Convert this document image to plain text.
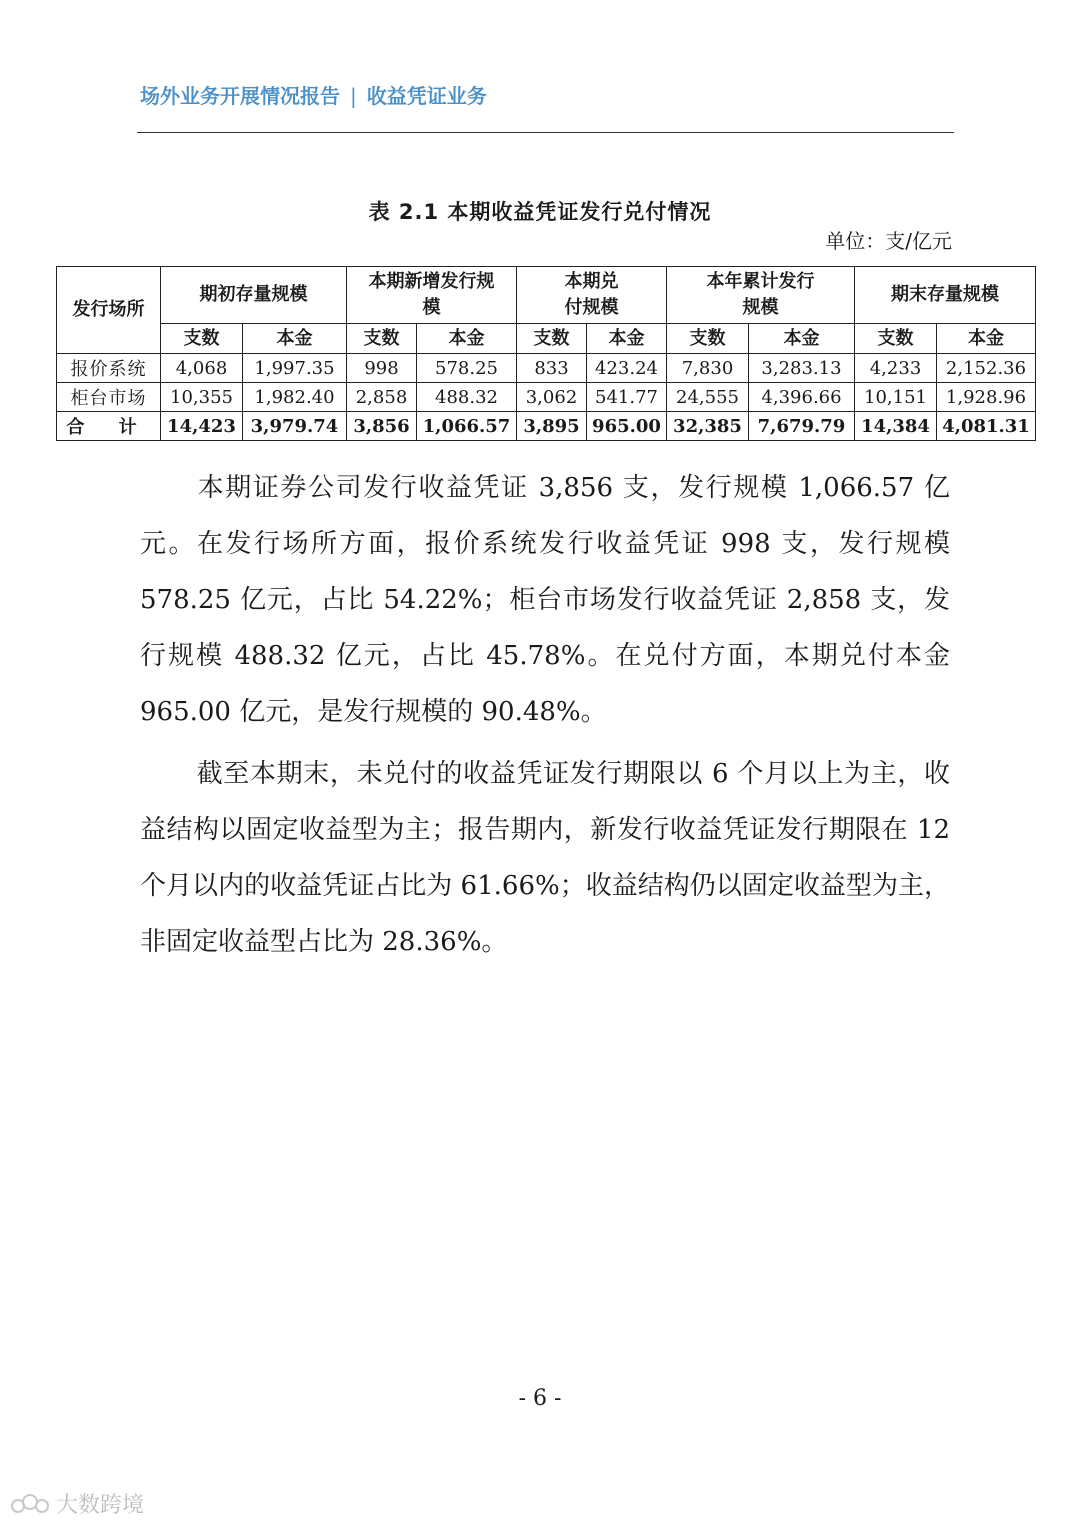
场外业务开展情况报告 | 收益凭证业务
表 2.1 本期收益凭证发行兑付情况
单位：支/亿元
发行场所	期初存量规模		本期新增发行规模		本期兑付规模		本年累计发行规模		期末存量规模	
	支数	本金	支数	本金	支数	本金	支数	本金	支数	本金
报价系统	4,068	1,997.35	998	578.25	833	423.24	7,830	3,283.13	4,233	2,152.36
柜台市场	10,355	1,982.40	2,858	488.32	3,062	541.77	24,555	4,396.66	10,151	1,928.96
合 计	14,423	3,979.74	3,856	1,066.57	3,895	965.00	32,385	7,679.79	14,384	4,081.31

本期证券公司发行收益凭证 3,856 支，发行规模 1,066.57 亿元。在发行场所方面，报价系统发行收益凭证 998 支，发行规模 578.25 亿元，占比 54.22%；柜台市场发行收益凭证 2,858 支，发行规模 488.32 亿元，占比 45.78%。在兑付方面，本期兑付本金 965.00 亿元，是发行规模的 90.48%。

截至本期末，未兑付的收益凭证发行期限以 6 个月以上为主，收益结构以固定收益型为主；报告期内，新发行收益凭证发行期限在 12 个月以内的收益凭证占比为 61.66%；收益结构仍以固定收益型为主，非固定收益型占比为 28.36%。

- 6 -
大数跨境
